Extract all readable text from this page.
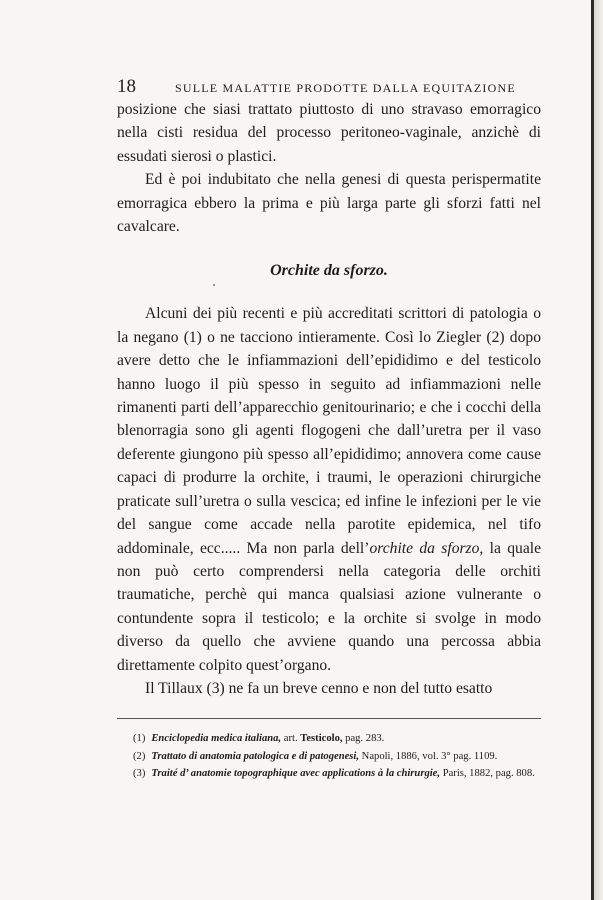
18	SULLE MALATTIE PRODOTTE DALLA EQUITAZIONE

posizione che siasi trattato piuttosto di uno stravaso emorragico nella cisti residua del processo peritoneo-vaginale, anzichè di essudati sierosi o plastici.

Ed è poi indubitato che nella genesi di questa perispermatite emorragica ebbero la prima e più larga parte gli sforzi fatti nel cavalcare.

Orchite da sforzo.

Alcuni dei più recenti e più accreditati scrittori di patologia o la negano (1) o ne tacciono intieramente. Così lo Ziegler (2) dopo avere detto che le infiammazioni dell’epididimo e del testicolo hanno luogo il più spesso in seguito ad infiammazioni nelle rimanenti parti dell’apparecchio genitourinario; e che i cocchi della blenorragia sono gli agenti flogogeni che dall’uretra per il vaso deferente giungono più spesso all’epididimo; annovera come cause capaci di produrre la orchite, i traumi, le operazioni chirurgiche praticate sull’uretra o sulla vescica; ed infine le infezioni per le vie del sangue come accade nella parotite epidemica, nel tifo addominale, ecc..... Ma non parla dell’orchite da sforzo, la quale non può certo comprendersi nella categoria delle orchiti traumatiche, perchè qui manca qualsiasi azione vulnerante o contundente sopra il testicolo; e la orchite si svolge in modo diverso da quello che avviene quando una percossa abbia direttamente colpito quest’organo.

Il Tillaux (3) ne fa un breve cenno e non del tutto esatto

(1) Enciclopedia medica italiana, art. Testicolo, pag. 283.

(2) Trattato di anatomia patologica e di patogenesi, Napoli, 1886, vol. 3° pag. 1109.

(3) Traité d’ anatomie topographique avec applications à la chirurgie, Paris, 1882, pag. 808.
